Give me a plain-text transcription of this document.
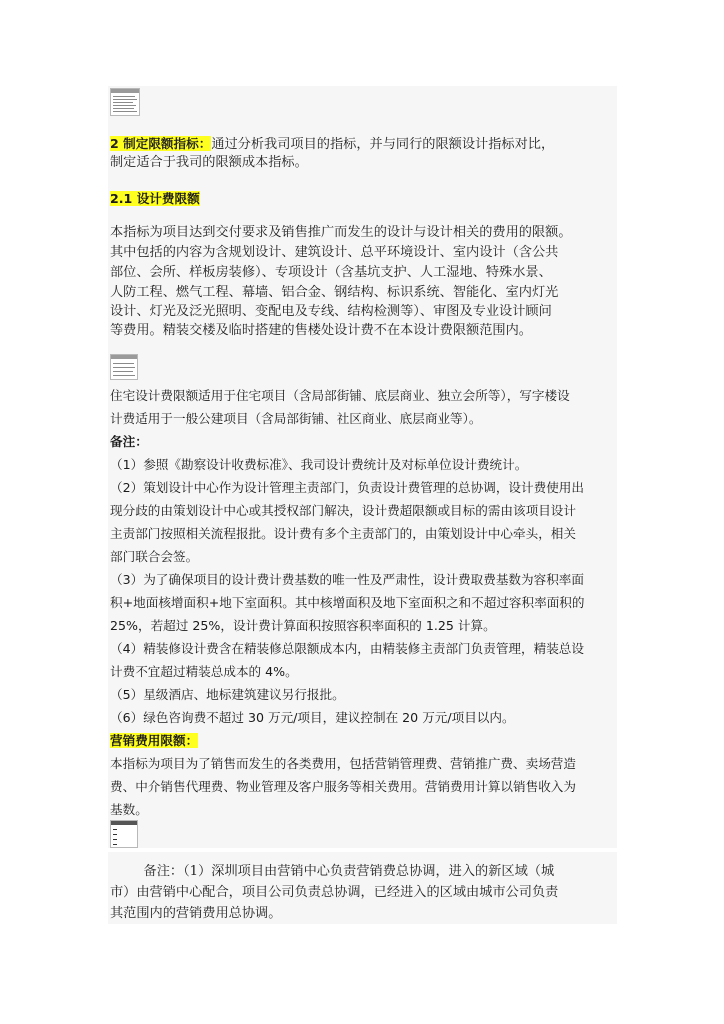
2 制定限额指标：通过分析我司项目的指标，并与同行的限额设计指标对比，
制定适合于我司的限额成本指标。
2.1 设计费限额
本指标为项目达到交付要求及销售推广而发生的设计与设计相关的费用的限额。
其中包括的内容为含规划设计、建筑设计、总平环境设计、室内设计（含公共
部位、会所、样板房装修）、专项设计（含基坑支护、人工湿地、特殊水景、
人防工程、燃气工程、幕墙、铝合金、钢结构、标识系统、智能化、室内灯光
设计、灯光及泛光照明、变配电及专线、结构检测等）、审图及专业设计顾问
等费用。精装交楼及临时搭建的售楼处设计费不在本设计费限额范围内。
住宅设计费限额适用于住宅项目（含局部街铺、底层商业、独立会所等），写字楼设
计费适用于一般公建项目（含局部街铺、社区商业、底层商业等）。
备注：
（1）参照《勘察设计收费标准》、我司设计费统计及对标单位设计费统计。
（2）策划设计中心作为设计管理主责部门，负责设计费管理的总协调，设计费使用出
现分歧的由策划设计中心或其授权部门解决，设计费超限额或目标的需由该项目设计
主责部门按照相关流程报批。设计费有多个主责部门的，由策划设计中心牵头，相关
部门联合会签。
（3）为了确保项目的设计费计费基数的唯一性及严肃性，设计费取费基数为容积率面
积+地面核增面积+地下室面积。其中核增面积及地下室面积之和不超过容积率面积的
25%，若超过 25%，设计费计算面积按照容积率面积的 1.25 计算。
（4）精装修设计费含在精装修总限额成本内，由精装修主责部门负责管理，精装总设
计费不宜超过精装总成本的 4%。
（5）星级酒店、地标建筑建议另行报批。
（6）绿色咨询费不超过 30 万元/项目，建议控制在 20 万元/项目以内。
营销费用限额：
本指标为项目为了销售而发生的各类费用，包括营销管理费、营销推广费、卖场营造
费、中介销售代理费、物业管理及客户服务等相关费用。营销费用计算以销售收入为
基数。
备注：（1）深圳项目由营销中心负责营销费总协调，进入的新区域（城
市）由营销中心配合，项目公司负责总协调，已经进入的区域由城市公司负责
其范围内的营销费用总协调。
